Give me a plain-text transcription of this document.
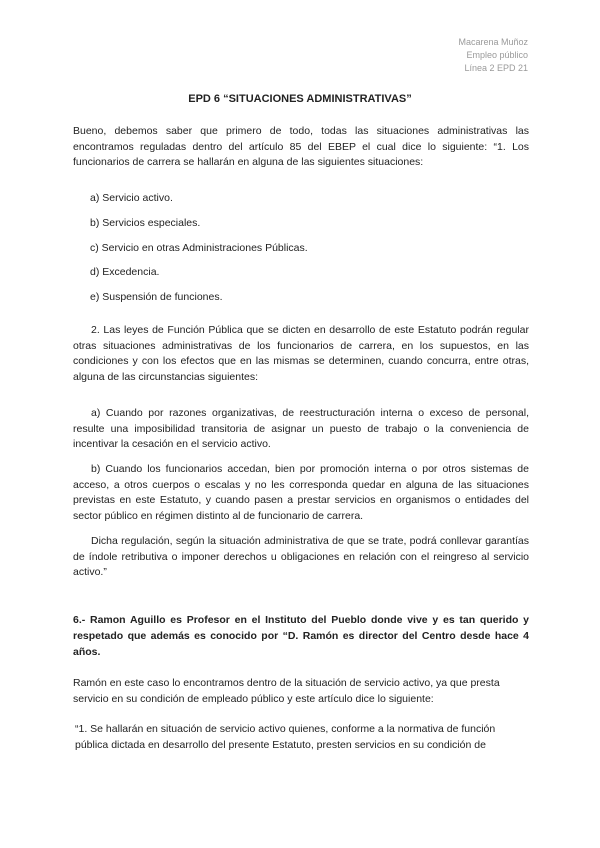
Macarena Muñoz
Empleo público
Línea 2 EPD 21
EPD 6 “SITUACIONES ADMINISTRATIVAS”
Bueno, debemos saber que primero de todo, todas las situaciones administrativas las encontramos reguladas dentro del artículo 85 del EBEP el cual dice lo siguiente: “1. Los funcionarios de carrera se hallarán en alguna de las siguientes situaciones:
a) Servicio activo.
b) Servicios especiales.
c) Servicio en otras Administraciones Públicas.
d) Excedencia.
e) Suspensión de funciones.
2. Las leyes de Función Pública que se dicten en desarrollo de este Estatuto podrán regular otras situaciones administrativas de los funcionarios de carrera, en los supuestos, en las condiciones y con los efectos que en las mismas se determinen, cuando concurra, entre otras, alguna de las circunstancias siguientes:
a) Cuando por razones organizativas, de reestructuración interna o exceso de personal, resulte una imposibilidad transitoria de asignar un puesto de trabajo o la conveniencia de incentivar la cesación en el servicio activo.
b) Cuando los funcionarios accedan, bien por promoción interna o por otros sistemas de acceso, a otros cuerpos o escalas y no les corresponda quedar en alguna de las situaciones previstas en este Estatuto, y cuando pasen a prestar servicios en organismos o entidades del sector público en régimen distinto al de funcionario de carrera.
Dicha regulación, según la situación administrativa de que se trate, podrá conllevar garantías de índole retributiva o imponer derechos u obligaciones en relación con el reingreso al servicio activo.”
6.- Ramon Aguillo es Profesor en el Instituto del Pueblo donde vive y es tan querido y respetado que además es conocido por “D. Ramón es director del Centro desde hace 4 años.
Ramón en este caso lo encontramos dentro de la situación de servicio activo, ya que presta servicio en su condición de empleado público y este artículo dice lo siguiente:
“1. Se hallarán en situación de servicio activo quienes, conforme a la normativa de función pública dictada en desarrollo del presente Estatuto, presten servicios en su condición de
